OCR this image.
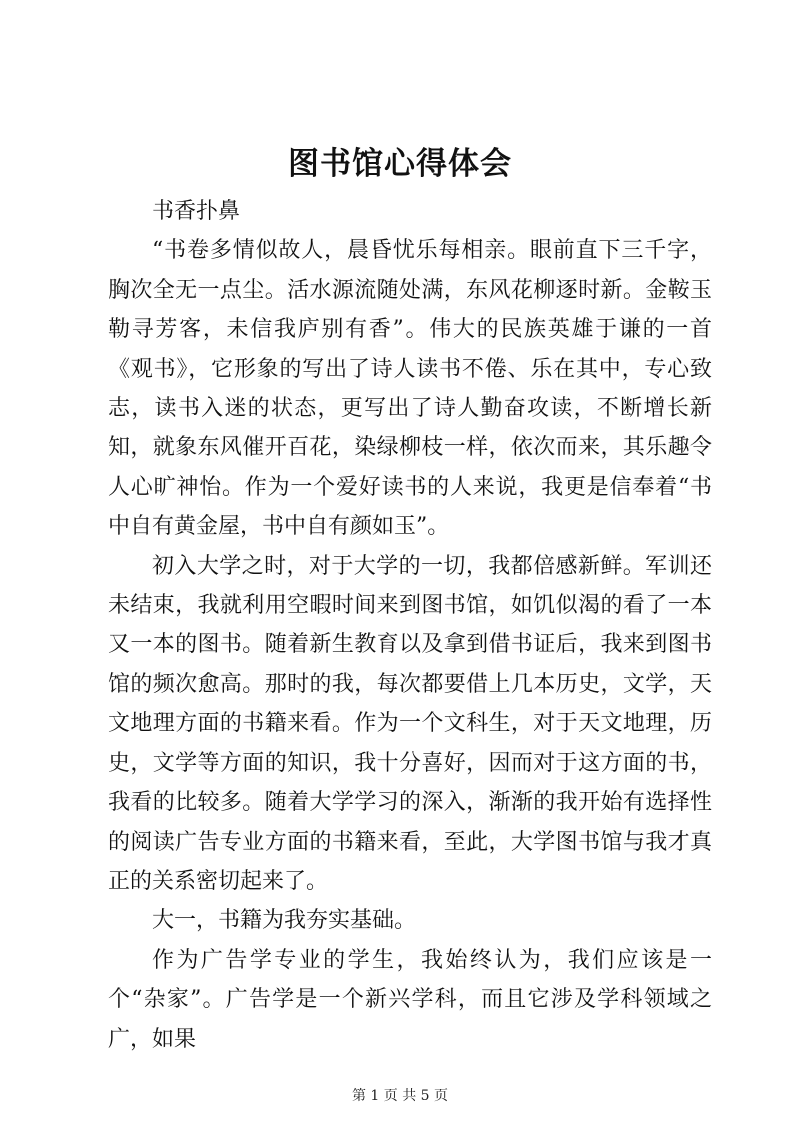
图书馆心得体会

书香扑鼻

“书卷多情似故人，晨昏忧乐每相亲。眼前直下三千字，胸次全无一点尘。活水源流随处满，东风花柳逐时新。金鞍玉勒寻芳客，未信我庐别有香”。伟大的民族英雄于谦的一首《观书》，它形象的写出了诗人读书不倦、乐在其中，专心致志，读书入迷的状态，更写出了诗人勤奋攻读，不断增长新知，就象东风催开百花，染绿柳枝一样，依次而来，其乐趣令人心旷神怡。作为一个爱好读书的人来说，我更是信奉着“书中自有黄金屋，书中自有颜如玉”。

初入大学之时，对于大学的一切，我都倍感新鲜。军训还未结束，我就利用空暇时间来到图书馆，如饥似渴的看了一本又一本的图书。随着新生教育以及拿到借书证后，我来到图书馆的频次愈高。那时的我，每次都要借上几本历史，文学，天文地理方面的书籍来看。作为一个文科生，对于天文地理，历史，文学等方面的知识，我十分喜好，因而对于这方面的书，我看的比较多。随着大学学习的深入，渐渐的我开始有选择性的阅读广告专业方面的书籍来看，至此，大学图书馆与我才真正的关系密切起来了。

大一，书籍为我夯实基础。

作为广告学专业的学生，我始终认为，我们应该是一个“杂家”。广告学是一个新兴学科，而且它涉及学科领域之广，如果

第 1 页 共 5 页
